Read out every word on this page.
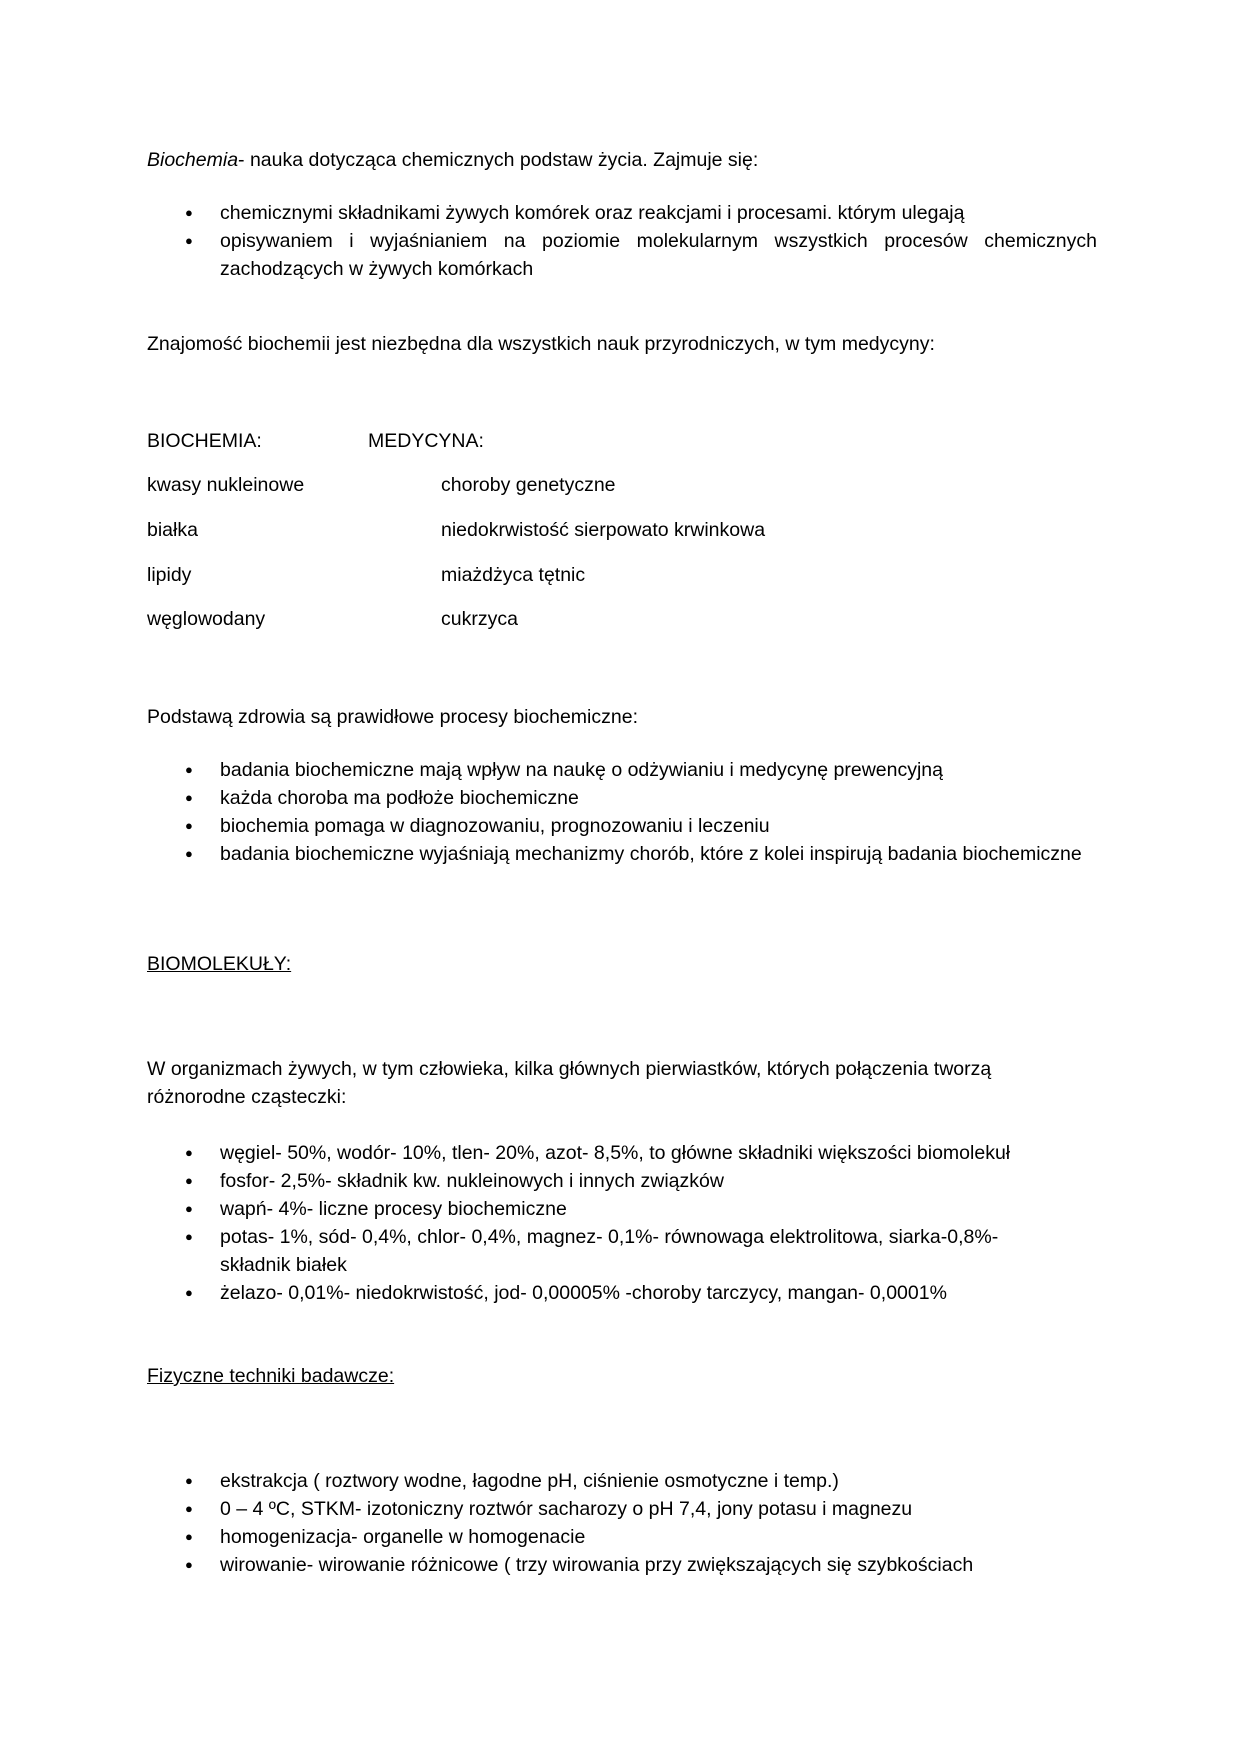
Biochemia- nauka dotycząca chemicznych podstaw życia. Zajmuje się:
● chemicznymi składnikami żywych komórek oraz reakcjami i procesami. którym ulegają
● opisywaniem i wyjaśnianiem na poziomie molekularnym wszystkich procesów chemicznych zachodzących w żywych komórkach
Znajomość biochemii jest niezbędna dla wszystkich nauk przyrodniczych, w tym medycyny:
BIOCHEMIA:	MEDYCYNA:
kwasy nukleinowe	choroby genetyczne
białka	niedokrwistość sierpowato krwinkowa
lipidy	miażdżyca tętnic
węglowodany	cukrzyca
Podstawą zdrowia są prawidłowe procesy biochemiczne:
● badania biochemiczne mają wpływ na naukę o odżywianiu i medycynę prewencyjną
● każda choroba ma podłoże biochemiczne
● biochemia pomaga w diagnozowaniu, prognozowaniu i leczeniu
● badania biochemiczne wyjaśniają mechanizmy chorób, które z kolei inspirują badania biochemiczne
BIOMOLEKUŁY:
W organizmach żywych, w tym człowieka, kilka głównych pierwiastków, których połączenia tworzą różnorodne cząsteczki:
● węgiel- 50%, wodór- 10%, tlen- 20%, azot- 8,5%, to główne składniki większości biomolekuł
● fosfor- 2,5%- składnik kw. nukleinowych i innych związków
● wapń- 4%- liczne procesy biochemiczne
● potas- 1%, sód- 0,4%, chlor- 0,4%, magnez- 0,1%- równowaga elektrolitowa, siarka-0,8%- składnik białek
● żelazo- 0,01%- niedokrwistość, jod- 0,00005% -choroby tarczycy, mangan- 0,0001%
Fizyczne techniki badawcze:
● ekstrakcja ( roztwory wodne, łagodne pH, ciśnienie osmotyczne i temp.)
● 0 – 4 ºC, STKM- izotoniczny roztwór sacharozy o pH 7,4, jony potasu i magnezu
● homogenizacja- organelle w homogenacie
● wirowanie- wirowanie różnicowe ( trzy wirowania przy zwiększających się szybkościach
